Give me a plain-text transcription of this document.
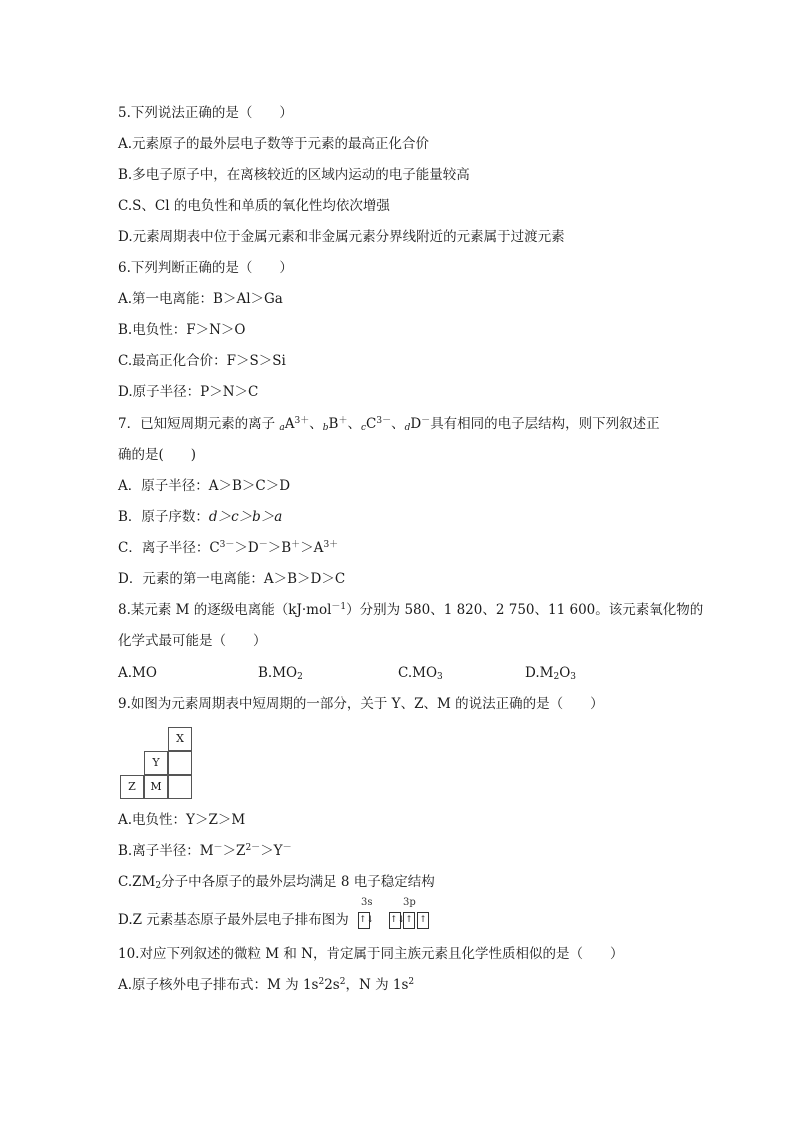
5.下列说法正确的是（　　）
A.元素原子的最外层电子数等于元素的最高正化合价
B.多电子原子中，在离核较近的区域内运动的电子能量较高
C.S、Cl 的电负性和单质的氧化性均依次增强
D.元素周期表中位于金属元素和非金属元素分界线附近的元素属于过渡元素
6.下列判断正确的是（　　）
A.第一电离能：B＞Al＞Ga
B.电负性：F＞N＞O
C.最高正化合价：F＞S＞Si
D.原子半径：P＞N＞C
7．已知短周期元素的离子 $_aA^{3+}$、$_b$B＋、$_cC^{3-}$、$_d$D－具有相同的电子层结构，则下列叙述正
确的是(　　)
A．原子半径：A＞B＞C＞D
B．原子序数：d＞c＞b＞a
C．离子半径：$C^{3-}>D^->B^+>A^{3+}$
D．元素的第一电离能：A＞B＞D＞C
8.某元素 M 的逐级电离能（kJ·mol$^{-1}$）分别为 580、1 820、2 750、11 600。该元素氧化物的
化学式最可能是（　　）
A.MO	$B.MO_2$	$C.MO_3$	$D.M_2O_3$
9.如图为元素周期表中短周期的一部分，关于 Y、Z、M 的说法正确的是（　　）
X
Y
Z	M
A.电负性：Y＞Z＞M
B.离子半径：$M^->Z^{2-}>Y^-$
$C.ZM_2$分子中各原子的最外层均满足 8 电子稳定结构
D.Z 元素基态原子最外层电子排布图为
3s
↑↓
3p
↑↓ ↑ ↑
10.对应下列叙述的微粒 M 和 N，肯定属于同主族元素且化学性质相似的是（　　）
A.原子核外电子排布式：M 为 $1s^22s^2$，N 为 $1s^2$
